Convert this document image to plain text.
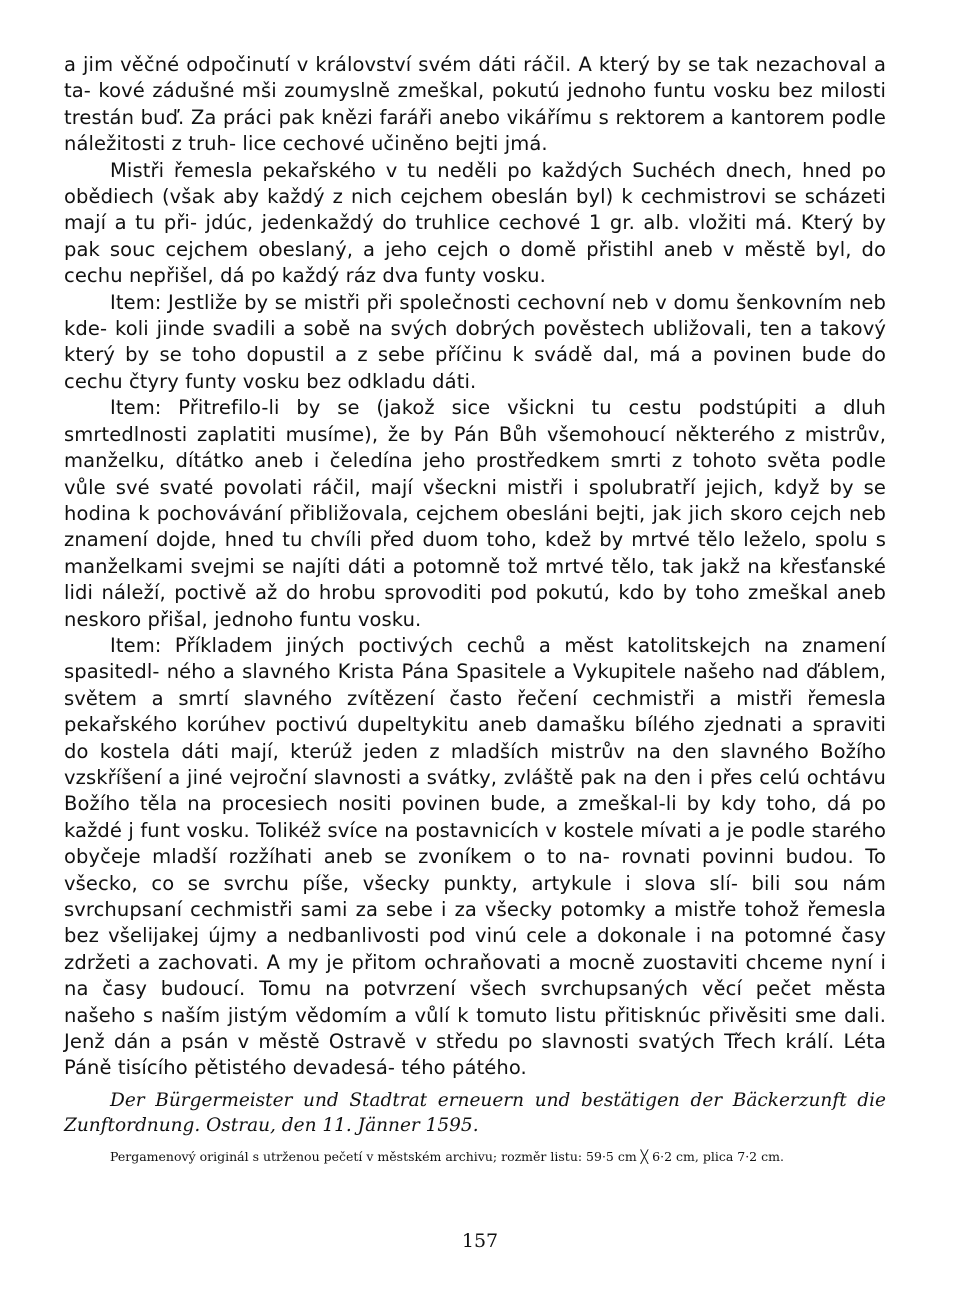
a jim věčné odpočinutí v království svém dáti ráčil. A který by se tak nezachoval a ta- kové zádušné mši zoumyslně zmeškal, pokutú jednoho funtu vosku bez milosti trestán buď. Za práci pak knězi faráři anebo vikářímu s rektorem a kantorem podle náležitosti z truh- lice cechové učiněno bejti jmá.

Mistři řemesla pekařského v tu neděli po každých Suchéch dnech, hned po obědiech (však aby každý z nich cejchem obeslán byl) k cechmistrovi se scházeti mají a tu při- jdúc, jedenkaždý do truhlice cechové 1 gr. alb. vložiti má. Který by pak souc cejchem obeslaný, a jeho cejch o domě přistihl aneb v městě byl, do cechu nepřišel, dá po každý ráz dva funty vosku.

Item: Jestliže by se mistři při společnosti cechovní neb v domu šenkovním neb kde- koli jinde svadili a sobě na svých dobrých pověstech ubližovali, ten a takový který by se toho dopustil a z sebe příčinu k svádě dal, má a povinen bude do cechu čtyry funty vosku bez odkladu dáti.

Item: Přitrefilo-li by se (jakož sice všickni tu cestu podstúpiti a dluh smrtedlnosti zaplatiti musíme), že by Pán Bůh všemohoucí některého z mistrův, manželku, dítátko aneb i čeledína jeho prostředkem smrti z tohoto světa podle vůle své svaté povolati ráčil, mají všeckni mistři i spolubratří jejich, když by se hodina k pochovávání přibližovala, cejchem obesláni bejti, jak jich skoro cejch neb znamení dojde, hned tu chvíli před duom toho, kdež by mrtvé tělo leželo, spolu s manželkami svejmi se najíti dáti a potomně tož mrtvé tělo, tak jakž na křesťanské lidi náleží, poctivě až do hrobu sprovoditi pod pokutú, kdo by toho zmeškal aneb neskoro přišal, jednoho funtu vosku.

Item: Příkladem jiných poctivých cechů a měst katolitskejch na znamení spasitedl- ného a slavného Krista Pána Spasitele a Vykupitele našeho nad ďáblem, světem a smrtí slavného zvítězení často řečení cechmistři a mistři řemesla pekařského korúhev poctivú dupeltykitu aneb damašku bílého zjednati a spraviti do kostela dáti mají, kterúž jeden z mladších mistrův na den slavného Božího vzskříšení a jiné vejroční slavnosti a svátky, zvláště pak na den i přes celú ochtávu Božího těla na procesiech nositi povinen bude, a zmeškal-li by kdy toho, dá po každé j funt vosku. Tolikéž svíce na postavnicích v kostele mívati a je podle starého obyčeje mladší rozžíhati aneb se zvoníkem o to na- rovnati povinni budou. To všecko, co se svrchu píše, všecky punkty, artykule i slova slí- bili sou nám svrchupsaní cechmistři sami za sebe i za všecky potomky a mistře tohož řemesla bez všelijakej újmy a nedbanlivosti pod vinú cele a dokonale i na potomné časy zdržeti a zachovati. A my je přitom ochraňovati a mocně zuostaviti chceme nyní i na časy budoucí. Tomu na potvrzení všech svrchupsaných věcí pečet města našeho s naším jistým vědomím a vůlí k tomuto listu přitisknúc přivěsiti sme dali. Jenž dán a psán v městě Ostravě v středu po slavnosti svatých Třech králí. Léta Páně tisícího pětistého devadesá- tého pátého.

Der Bürgermeister und Stadtrat erneuern und bestätigen der Bäckerzunft die Zunftordnung. Ostrau, den 11. Jänner 1595.

Pergamenový originál s utrženou pečetí v městském archivu; rozměr listu: 59·5 cm ╳ 6·2 cm, plica 7·2 cm.

157
